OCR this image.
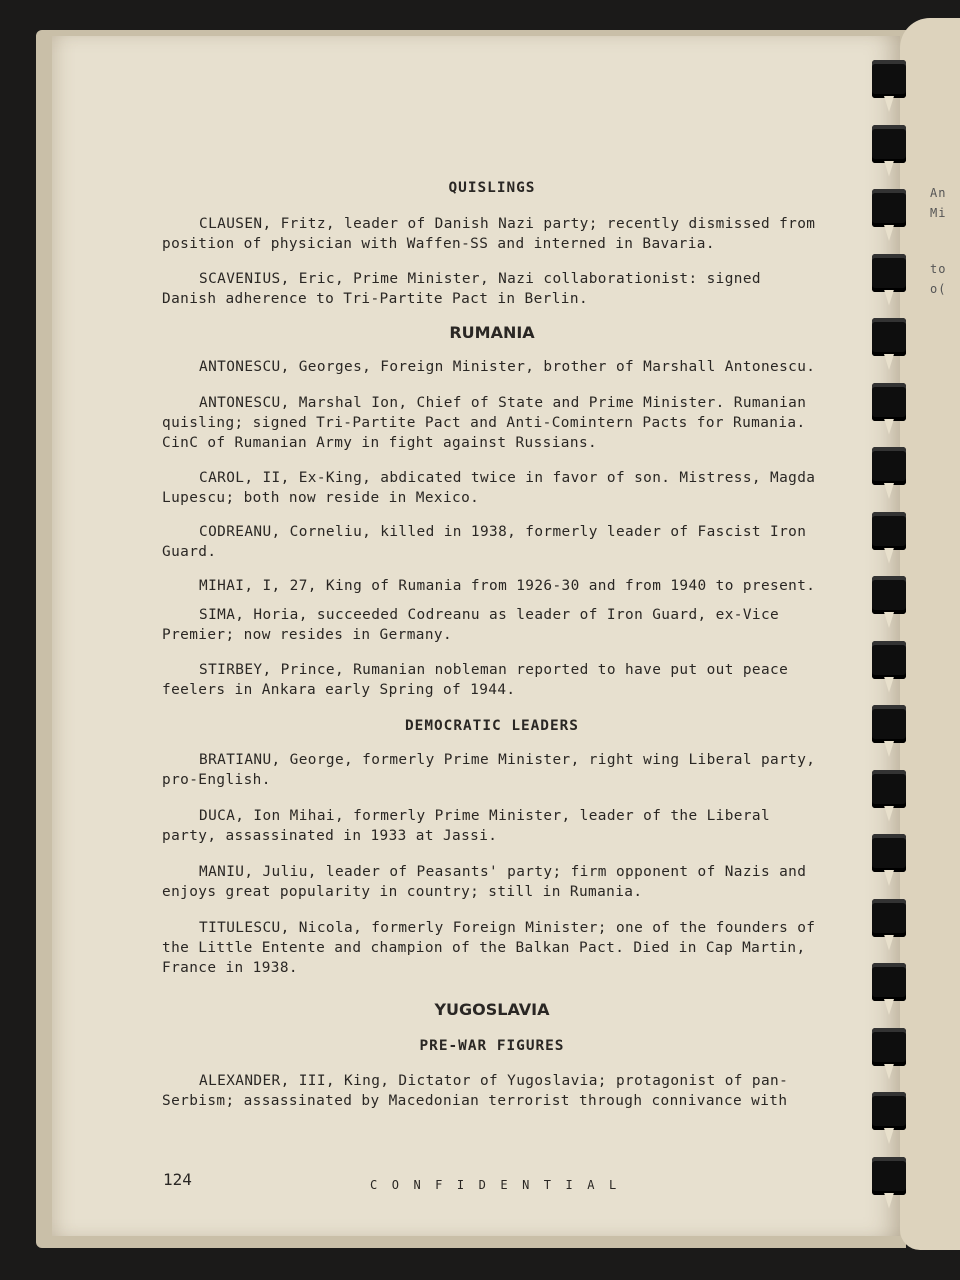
An
Mi
to
o(

QUISLINGS

CLAUSEN, Fritz, leader of Danish Nazi party; recently dismissed from position of physician with Waffen-SS and interned in Bavaria.

SCAVENIUS, Eric, Prime Minister, Nazi collaborationist: signed Danish adherence to Tri-Partite Pact in Berlin.

RUMANIA

ANTONESCU, Georges, Foreign Minister, brother of Marshall Antonescu.

ANTONESCU, Marshal Ion, Chief of State and Prime Minister. Rumanian quisling; signed Tri-Partite Pact and Anti-Comintern Pacts for Rumania. CinC of Rumanian Army in fight against Russians.

CAROL, II, Ex-King, abdicated twice in favor of son. Mistress, Magda Lupescu; both now reside in Mexico.

CODREANU, Corneliu, killed in 1938, formerly leader of Fascist Iron Guard.

MIHAI, I, 27, King of Rumania from 1926-30 and from 1940 to present.

SIMA, Horia, succeeded Codreanu as leader of Iron Guard, ex-Vice Premier; now resides in Germany.

STIRBEY, Prince, Rumanian nobleman reported to have put out peace feelers in Ankara early Spring of 1944.

DEMOCRATIC LEADERS

BRATIANU, George, formerly Prime Minister, right wing Liberal party, pro-English.

DUCA, Ion Mihai, formerly Prime Minister, leader of the Liberal party, assassinated in 1933 at Jassi.

MANIU, Juliu, leader of Peasants' party; firm opponent of Nazis and enjoys great popularity in country; still in Rumania.

TITULESCU, Nicola, formerly Foreign Minister; one of the founders of the Little Entente and champion of the Balkan Pact. Died in Cap Martin, France in 1938.

YUGOSLAVIA

PRE-WAR FIGURES

ALEXANDER, III, King, Dictator of Yugoslavia; protagonist of pan-Serbism; assassinated by Macedonian terrorist through connivance with

124	CONFIDENTIAL
